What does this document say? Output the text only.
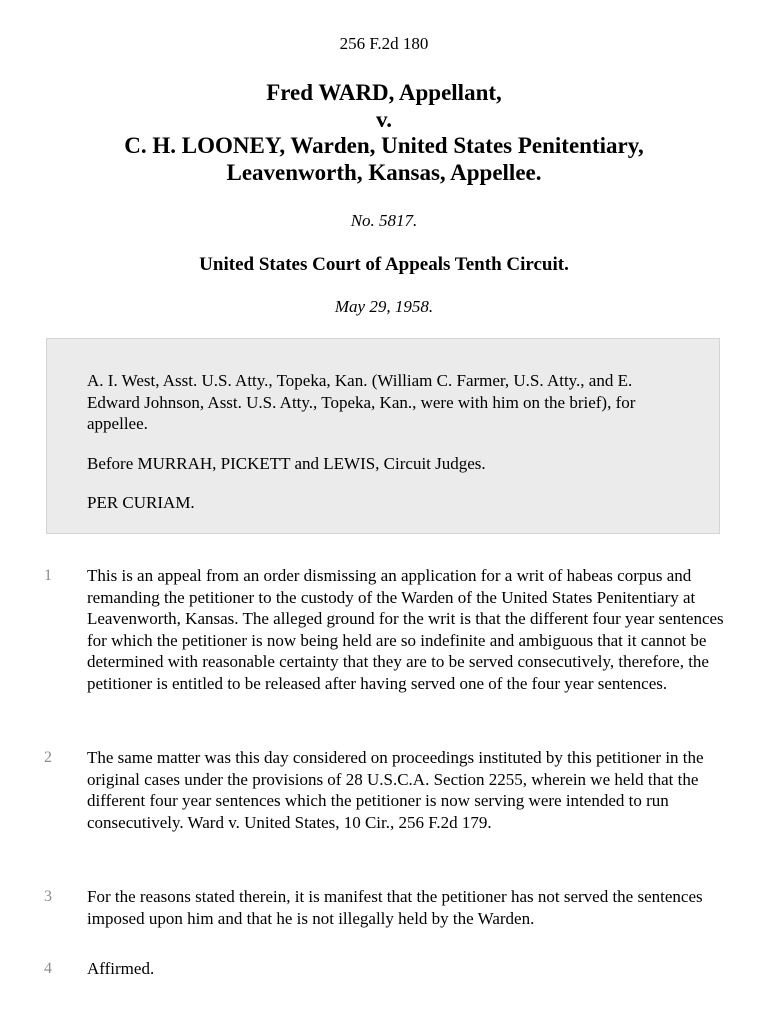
256 F.2d 180
Fred WARD, Appellant,
v.
C. H. LOONEY, Warden, United States Penitentiary,
Leavenworth, Kansas, Appellee.
No. 5817.
United States Court of Appeals Tenth Circuit.
May 29, 1958.

A. I. West, Asst. U.S. Atty., Topeka, Kan. (William C. Farmer, U.S. Atty., and E. Edward Johnson, Asst. U.S. Atty., Topeka, Kan., were with him on the brief), for appellee.

Before MURRAH, PICKETT and LEWIS, Circuit Judges.

PER CURIAM.

1 This is an appeal from an order dismissing an application for a writ of habeas corpus and remanding the petitioner to the custody of the Warden of the United States Penitentiary at Leavenworth, Kansas. The alleged ground for the writ is that the different four year sentences for which the petitioner is now being held are so indefinite and ambiguous that it cannot be determined with reasonable certainty that they are to be served consecutively, therefore, the petitioner is entitled to be released after having served one of the four year sentences.
2 The same matter was this day considered on proceedings instituted by this petitioner in the original cases under the provisions of 28 U.S.C.A. Section 2255, wherein we held that the different four year sentences which the petitioner is now serving were intended to run consecutively. Ward v. United States, 10 Cir., 256 F.2d 179.
3 For the reasons stated therein, it is manifest that the petitioner has not served the sentences imposed upon him and that he is not illegally held by the Warden.
4 Affirmed.
